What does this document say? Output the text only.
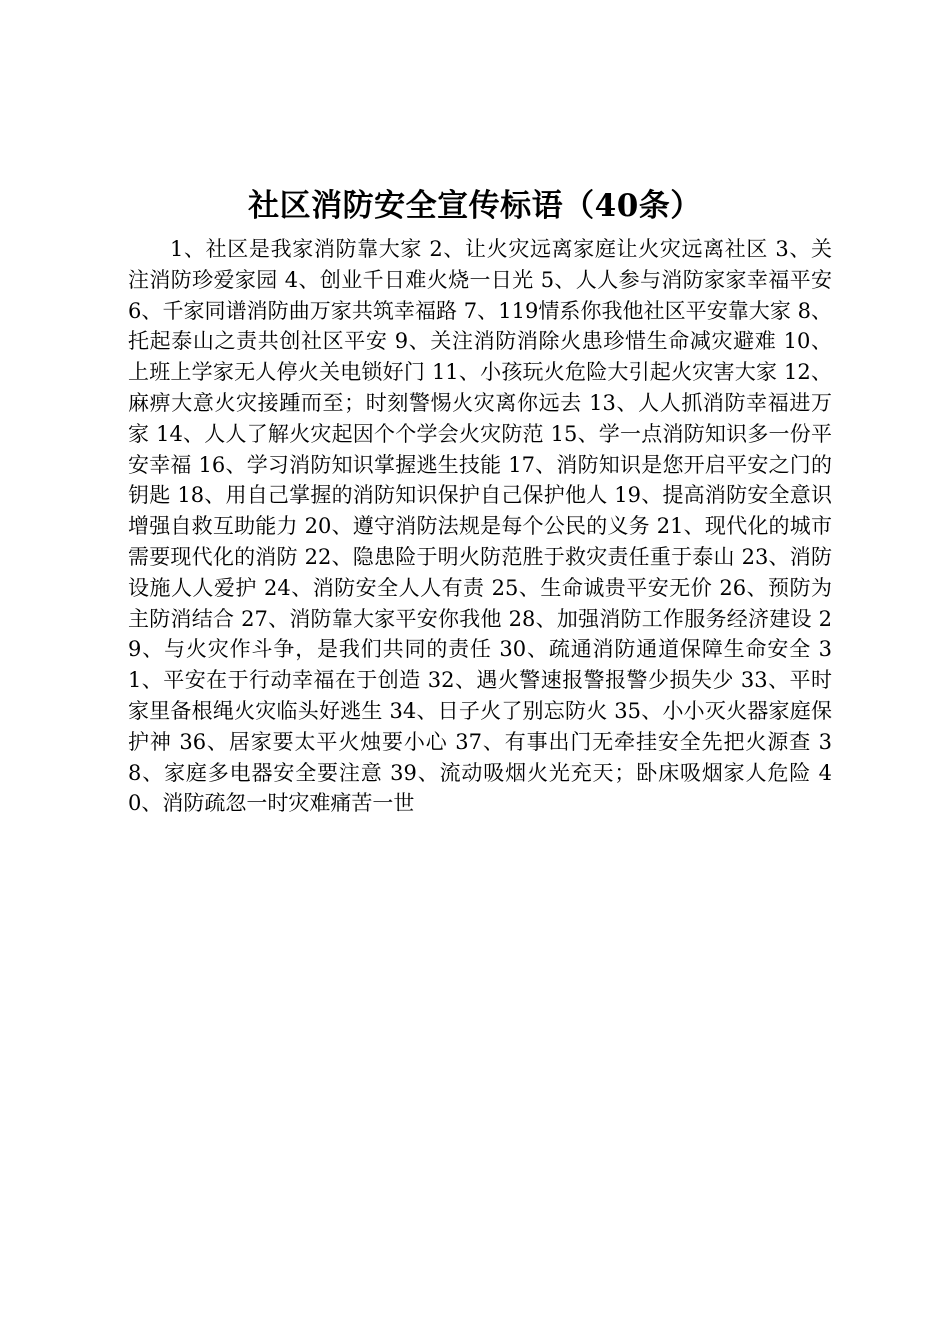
社区消防安全宣传标语（40条）

1、社区是我家消防靠大家 2、让火灾远离家庭让火灾远离社区 3、关注消防珍爱家园 4、创业千日难火烧一日光 5、人人参与消防家家幸福平安 6、千家同谱消防曲万家共筑幸福路 7、119情系你我他社区平安靠大家 8、托起泰山之责共创社区平安 9、关注消防消除火患珍惜生命减灾避难 10、上班上学家无人停火关电锁好门 11、小孩玩火危险大引起火灾害大家 12、麻痹大意火灾接踵而至；时刻警惕火灾离你远去 13、人人抓消防幸福进万家 14、人人了解火灾起因个个学会火灾防范 15、学一点消防知识多一份平安幸福 16、学习消防知识掌握逃生技能 17、消防知识是您开启平安之门的钥匙 18、用自己掌握的消防知识保护自己保护他人 19、提高消防安全意识增强自救互助能力 20、遵守消防法规是每个公民的义务 21、现代化的城市需要现代化的消防 22、隐患险于明火防范胜于救灾责任重于泰山 23、消防设施人人爱护 24、消防安全人人有责 25、生命诚贵平安无价 26、预防为主防消结合 27、消防靠大家平安你我他 28、加强消防工作服务经济建设 29、与火灾作斗争，是我们共同的责任 30、疏通消防通道保障生命安全 31、平安在于行动幸福在于创造 32、遇火警速报警报警少损失少 33、平时家里备根绳火灾临头好逃生 34、日子火了别忘防火 35、小小灭火器家庭保护神 36、居家要太平火烛要小心 37、有事出门无牵挂安全先把火源查 38、家庭多电器安全要注意 39、流动吸烟火光充天；卧床吸烟家人危险 40、消防疏忽一时灾难痛苦一世
